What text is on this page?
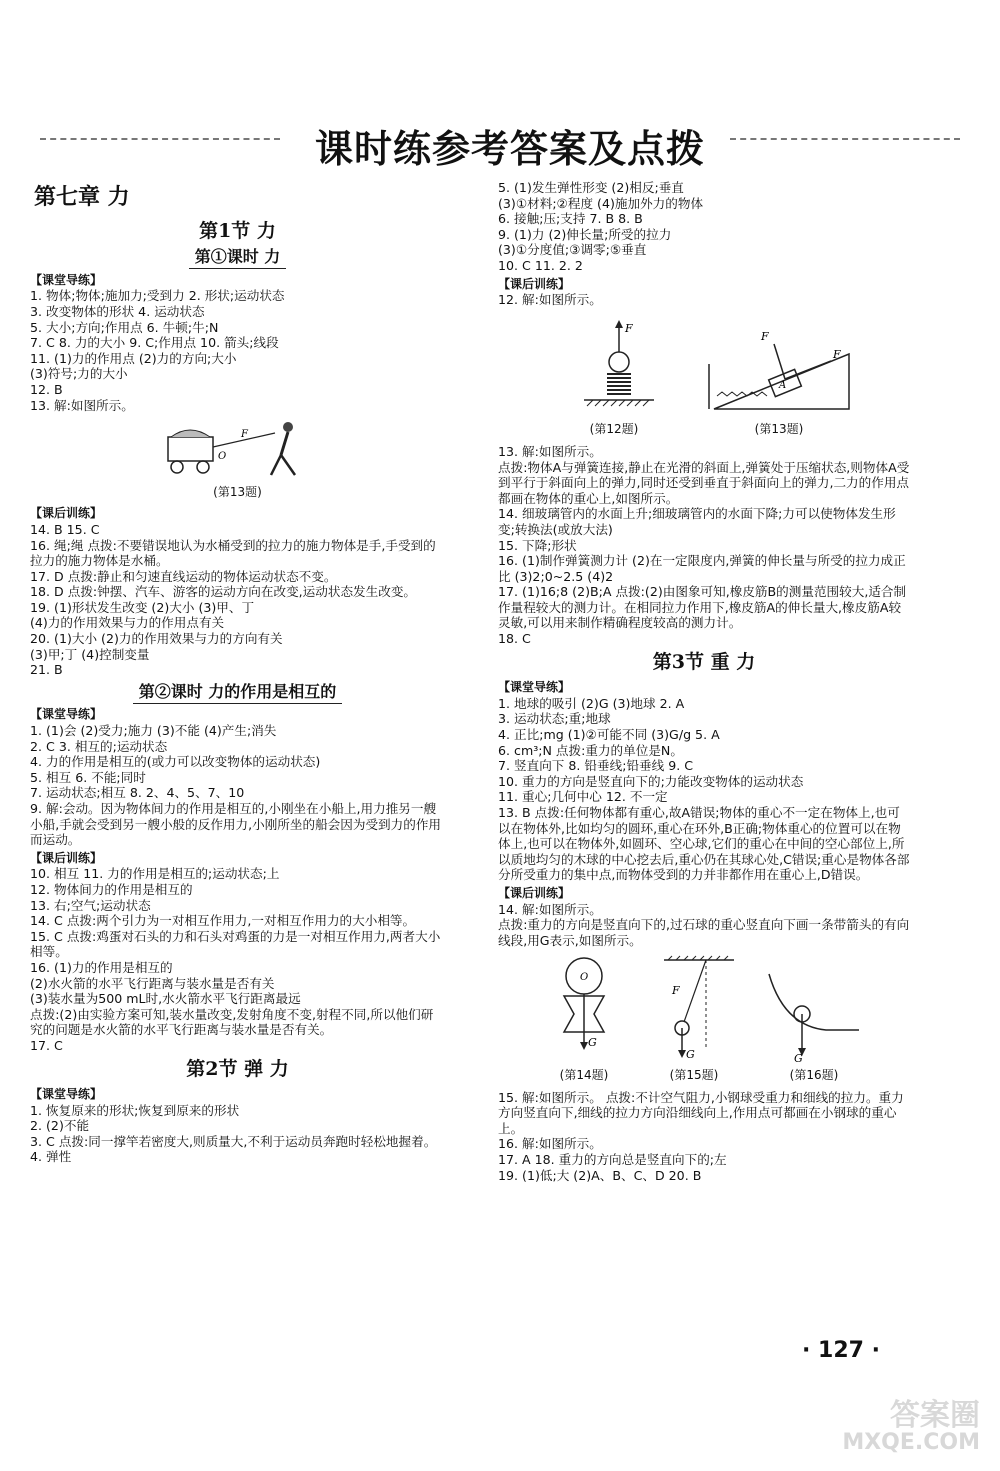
课时练参考答案及点拨
第七章 力
第1节 力
第①课时 力
【课堂导练】
1. 物体;物体;施加力;受到力 2. 形状;运动状态
3. 改变物体的形状 4. 运动状态
5. 大小;方向;作用点 6. 牛顿;牛;N
7. C 8. 力的大小 9. C;作用点 10. 箭头;线段
11. (1)力的作用点 (2)力的方向;大小
(3)符号;力的大小
12. B
13. 解:如图所示。
F
O
(第13题)
【课后训练】
14. B 15. C
16. 绳;绳 点拨:不要错误地认为水桶受到的拉力的施力物体是手,手受到的拉力的施力物体是水桶。
17. D 点拨:静止和匀速直线运动的物体运动状态不变。
18. D 点拨:钟摆、汽车、游客的运动方向在改变,运动状态发生改变。
19. (1)形状发生改变 (2)大小 (3)甲、丁
(4)力的作用效果与力的作用点有关
20. (1)大小 (2)力的作用效果与力的方向有关
(3)甲;丁 (4)控制变量
21. B
第②课时 力的作用是相互的
【课堂导练】
1. (1)会 (2)受力;施力 (3)不能 (4)产生;消失
2. C 3. 相互的;运动状态
4. 力的作用是相互的(或力可以改变物体的运动状态)
5. 相互 6. 不能;同时
7. 运动状态;相互 8. 2、4、5、7、10
9. 解:会动。因为物体间力的作用是相互的,小刚坐在小船上,用力推另一艘小船,手就会受到另一艘小般的反作用力,小刚所坐的船会因为受到力的作用而运动。
【课后训练】
10. 相互 11. 力的作用是相互的;运动状态;上
12. 物体间力的作用是相互的
13. 右;空气;运动状态
14. C 点拨:两个引力为一对相互作用力,一对相互作用力的大小相等。
15. C 点拨:鸡蛋对石头的力和石头对鸡蛋的力是一对相互作用力,两者大小相等。
16. (1)力的作用是相互的
(2)水火箭的水平飞行距离与装水量是否有关
(3)装水量为500 mL时,水火箭水平飞行距离最远
点拨:(2)由实验方案可知,装水量改变,发射角度不变,射程不同,所以他们研究的问题是水火箭的水平飞行距离与装水量是否有关。
17. C
第2节 弹 力
【课堂导练】
1. 恢复原来的形状;恢复到原来的形状
2. (2)不能
3. C 点拨:同一撑竿若密度大,则质量大,不利于运动员奔跑时轻松地握着。
4. 弹性
5. (1)发生弹性形变 (2)相反;垂直
(3)①材料;②程度 (4)施加外力的物体
6. 接触;压;支持 7. B 8. B
9. (1)力 (2)伸长量;所受的拉力
(3)①分度值;③调零;⑤垂直
10. C 11. 2. 2
【课后训练】
12. 解:如图所示。
F
(第12题)
A
F
F
(第13题)
13. 解:如图所示。
点拨:物体A与弹簧连接,静止在光滑的斜面上,弹簧处于压缩状态,则物体A受到平行于斜面向上的弹力,同时还受到垂直于斜面向上的弹力,二力的作用点都画在物体的重心上,如图所示。
14. 细玻璃管内的水面上升;细玻璃管内的水面下降;力可以使物体发生形变;转换法(或放大法)
15. 下降;形状
16. (1)制作弹簧测力计 (2)在一定限度内,弹簧的伸长量与所受的拉力成正比 (3)2;0~2.5 (4)2
17. (1)16;8 (2)B;A 点拨:(2)由图象可知,橡皮筋B的测量范围较大,适合制作量程较大的测力计。在相同拉力作用下,橡皮筋A的伸长量大,橡皮筋A较灵敏,可以用来制作精确程度较高的测力计。
18. C
第3节 重 力
【课堂导练】
1. 地球的吸引 (2)G (3)地球 2. A
3. 运动状态;重;地球
4. 正比;mg (1)②可能不同 (3)G/g 5. A
6. cm³;N 点拨:重力的单位是N。
7. 竖直向下 8. 铅垂线;铅垂线 9. C
10. 重力的方向是竖直向下的;力能改变物体的运动状态
11. 重心;几何中心 12. 不一定
13. B 点拨:任何物体都有重心,故A错误;物体的重心不一定在物体上,也可以在物体外,比如均匀的圆环,重心在环外,B正确;物体重心的位置可以在物体上,也可以在物体外,如圆环、空心球,它们的重心在中间的空心部位上,所以质地均匀的木球的中心挖去后,重心仍在其球心处,C错误;重心是物体各部分所受重力的集中点,而物体受到的力并非都作用在重心上,D错误。
【课后训练】
14. 解:如图所示。
点拨:重力的方向是竖直向下的,过石球的重心竖直向下画一条带箭头的有向线段,用G表示,如图所示。
O
G
(第14题)
F
G
(第15题)
G
(第16题)
15. 解:如图所示。 点拨:不计空气阻力,小钢球受重力和细线的拉力。重力方向竖直向下,细线的拉力方向沿细线向上,作用点可都画在小钢球的重心上。
16. 解:如图所示。
17. A 18. 重力的方向总是竖直向下的;左
19. (1)低;大 (2)A、B、C、D 20. B
· 127 ·
答案圈
MXQE.COM
